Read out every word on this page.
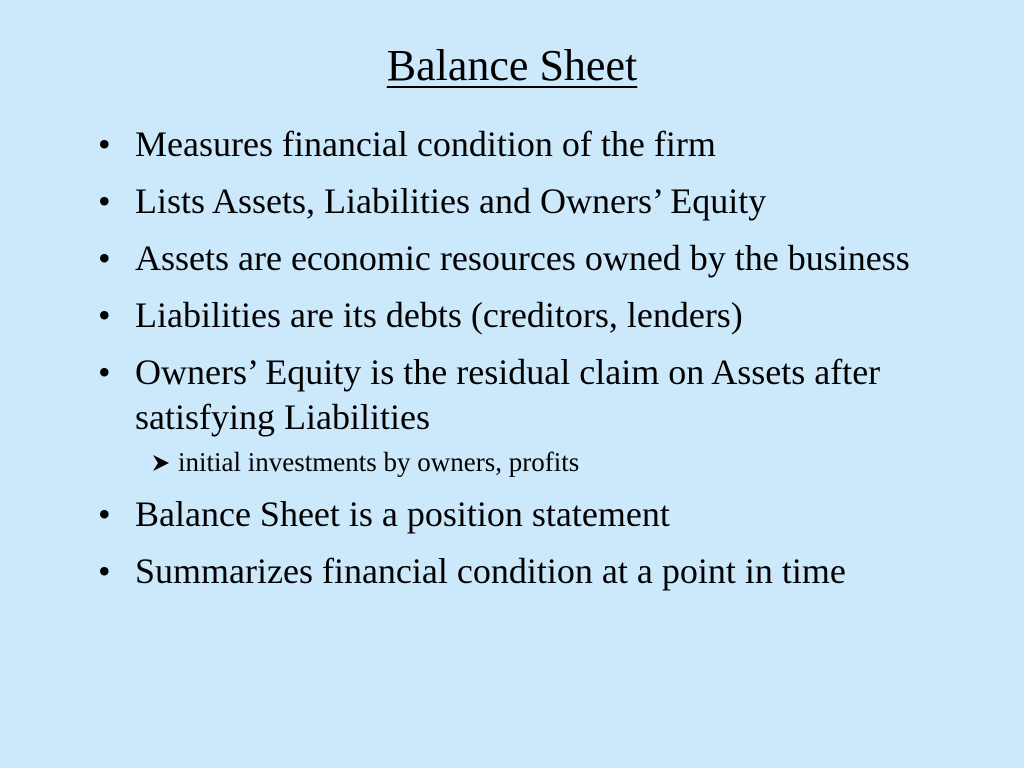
Balance Sheet
• Measures financial condition of the firm
• Lists Assets, Liabilities and Owners’ Equity
• Assets are economic resources owned by the business
• Liabilities are its debts (creditors, lenders)
• Owners’ Equity is the residual claim on Assets after satisfying Liabilities
initial investments by owners, profits
• Balance Sheet is a position statement
• Summarizes financial condition at a point in time
